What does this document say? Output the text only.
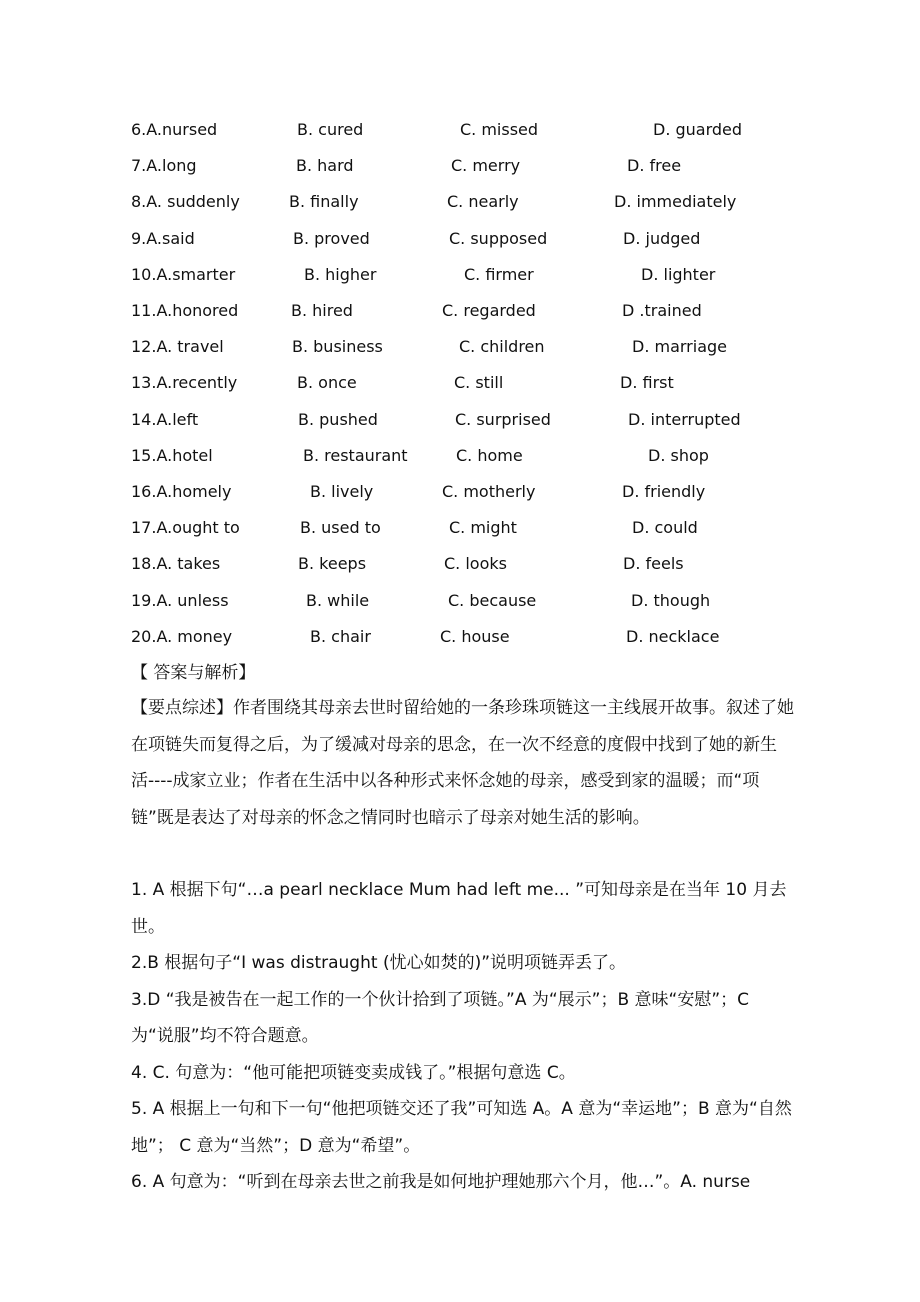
6.A.nursed	B. cured	C. missed	D. guarded
7.A.long	B. hard	C. merry	D. free
8.A. suddenly	B. finally	C. nearly	D. immediately
9.A.said	B. proved	C. supposed	D. judged
10.A.smarter	B. higher	C. firmer	D. lighter
11.A.honored	B. hired	C. regarded	D .trained
12.A. travel	B. business	C. children	D. marriage
13.A.recently	B. once	C. still	D. first
14.A.left	B. pushed	C. surprised	D. interrupted
15.A.hotel	B. restaurant	C. home	D. shop
16.A.homely	B. lively	C. motherly	D. friendly
17.A.ought to	B. used to	C. might	D. could
18.A. takes	B. keeps	C. looks	D. feels
19.A. unless	B. while	C. because	D. though
20.A. money	B. chair	C. house	D. necklace
【 答案与解析】

【要点综述】作者围绕其母亲去世时留给她的一条珍珠项链这一主线展开故事。叙述了她在项链失而复得之后，为了缓减对母亲的思念，在一次不经意的度假中找到了她的新生活----成家立业；作者在生活中以各种形式来怀念她的母亲，感受到家的温暖；而“项链”既是表达了对母亲的怀念之情同时也暗示了母亲对她生活的影响。

1. A 根据下句“…a pearl necklace Mum had left me... ”可知母亲是在当年 10 月去世。

2.B 根据句子“I was distraught (忧心如焚的)”说明项链弄丢了。

3.D “我是被告在一起工作的一个伙计拾到了项链。”A 为“展示”；B 意味“安慰”；C 为“说服”均不符合题意。

4. C. 句意为：“他可能把项链变卖成钱了。”根据句意选 C。

5. A 根据上一句和下一句“他把项链交还了我”可知选 A。A 意为“幸运地”；B 意为“自然地”； C 意为“当然”；D 意为“希望”。

6. A 句意为：“听到在母亲去世之前我是如何地护理她那六个月，他…”。A. nurse
